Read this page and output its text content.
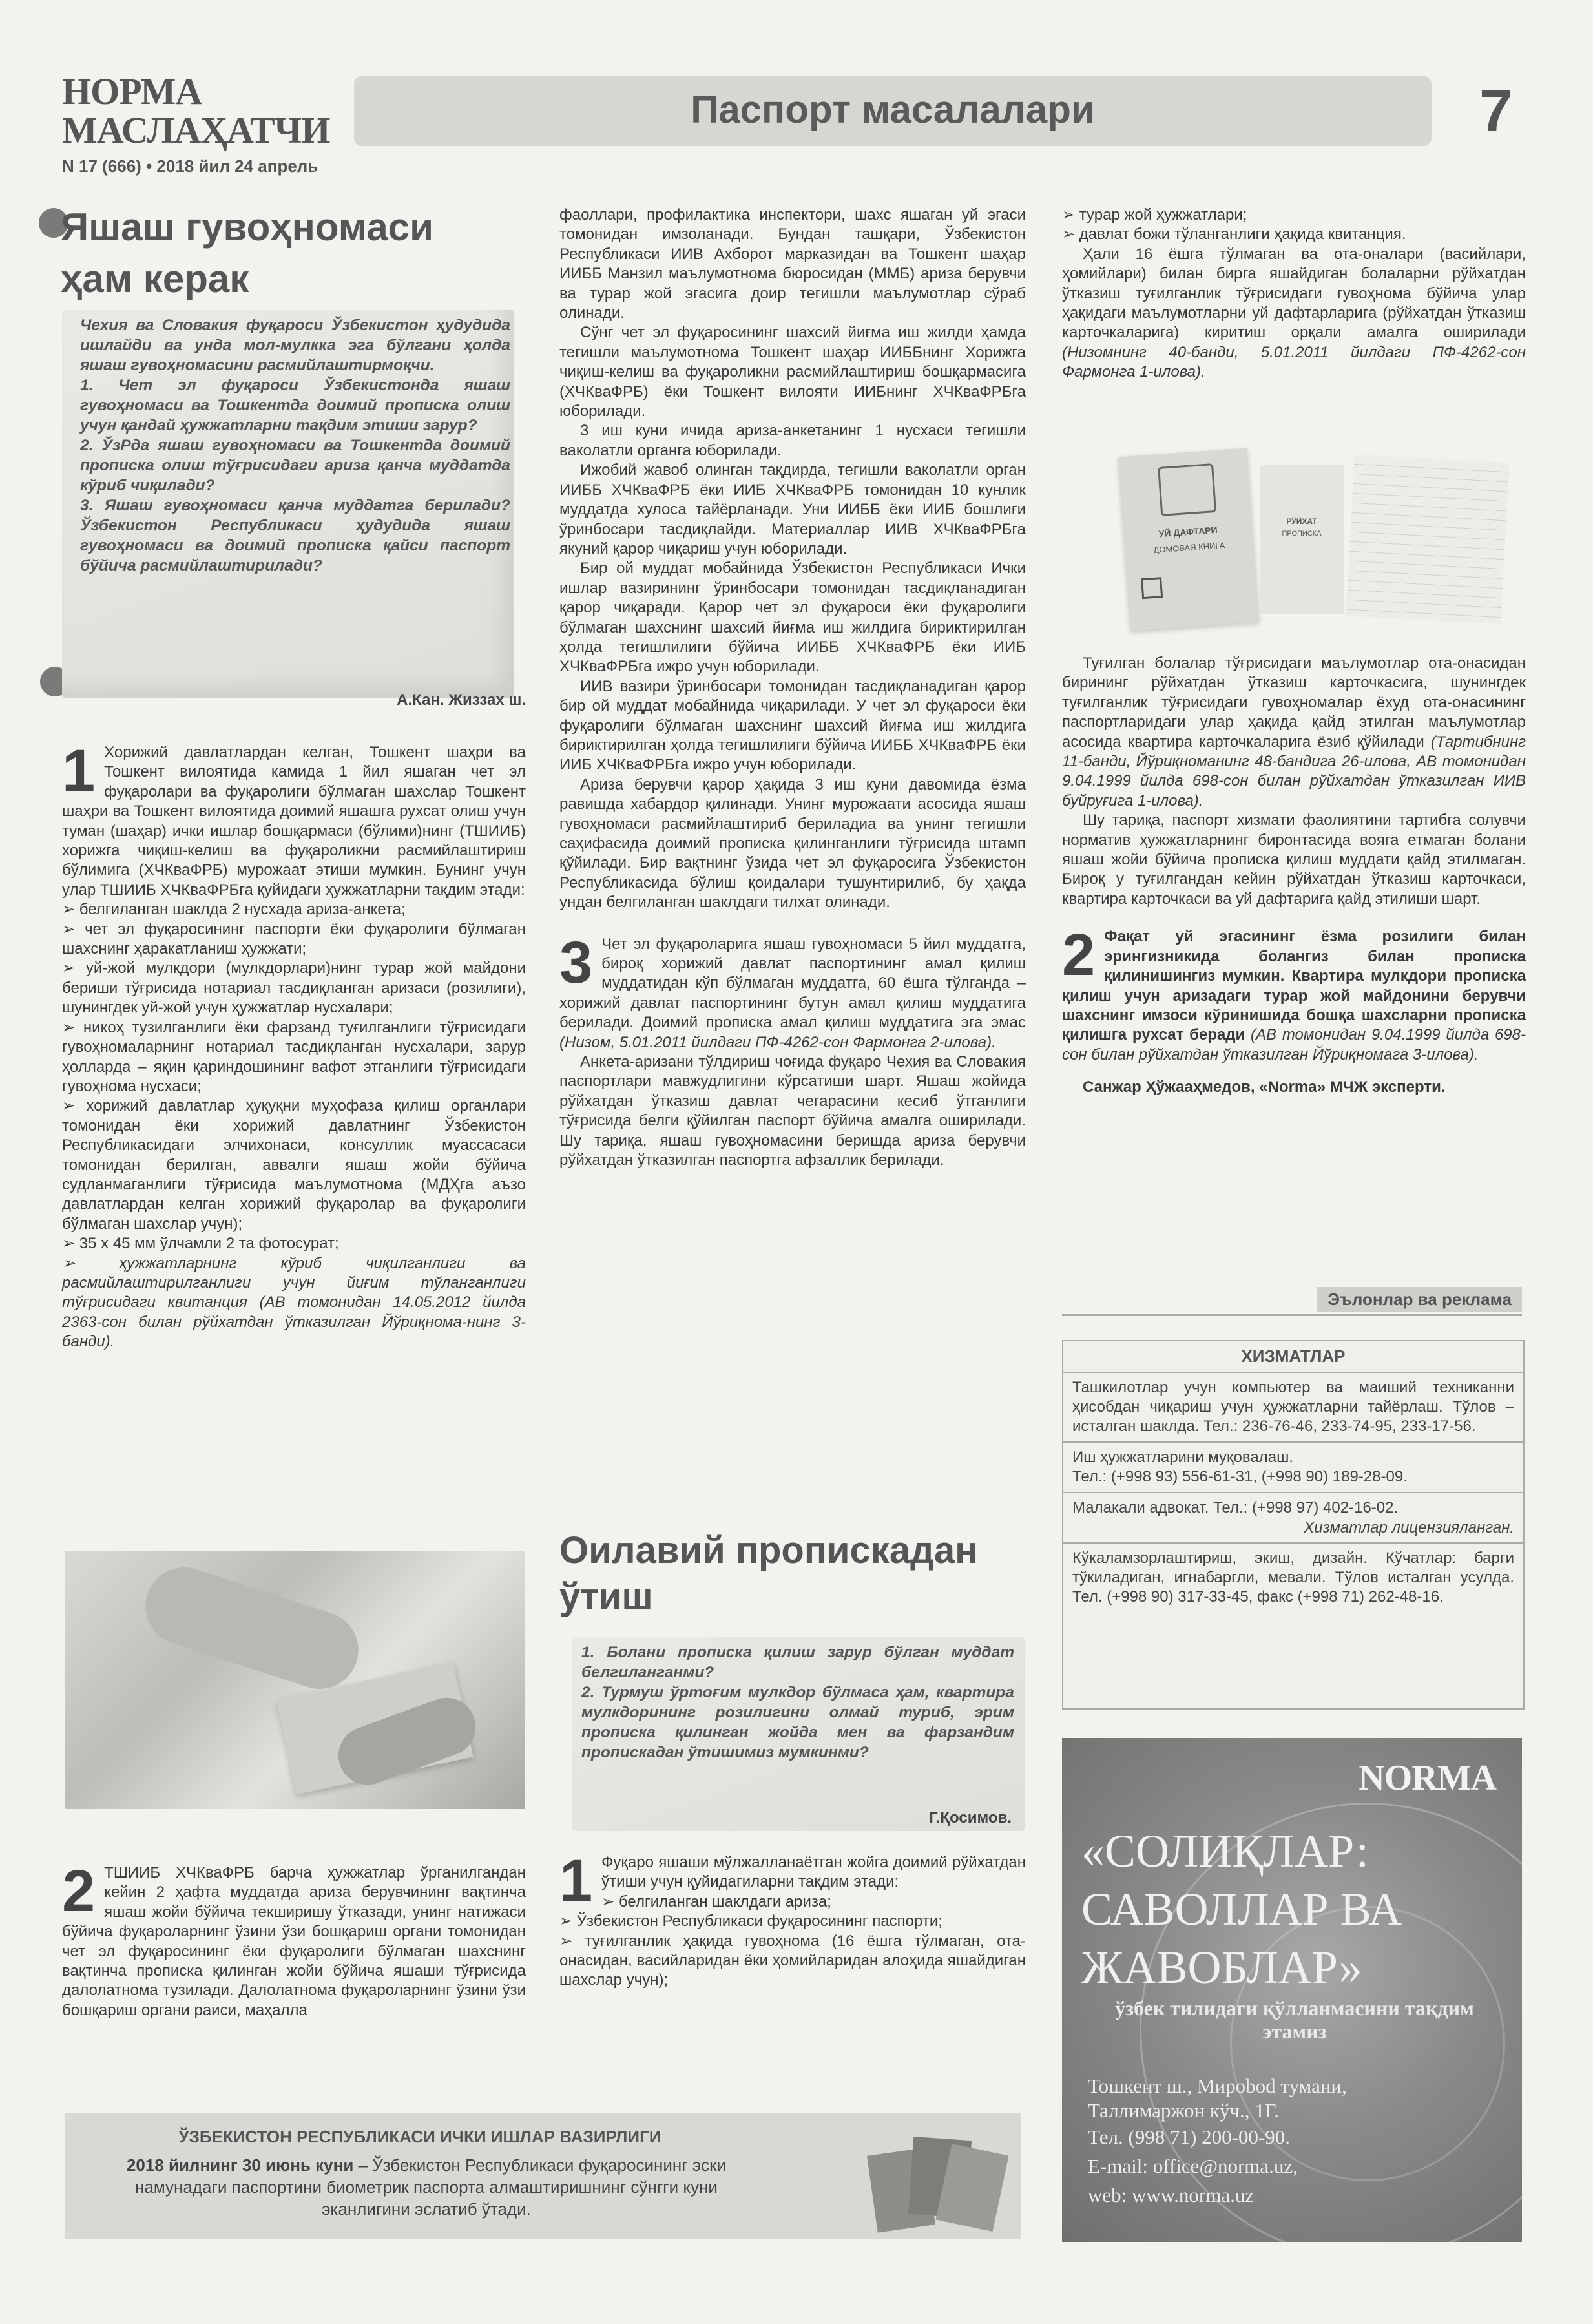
НОРМА МАСЛАҲАТЧИ
N 17 (666) • 2018 йил 24 апрель
Паспорт масалалари	7
Яшаш гувоҳномаси ҳам керак
Чехия ва Словакия фуқароси Ўзбекистон ҳудудида ишлайди ва унда мол-мулкка эга бўлгани ҳолда яшаш гувоҳномасини расмийлаштирмоқчи.
1. Чет эл фуқароси Ўзбекистонда яшаш гувоҳномаси ва Тошкентда доимий прописка олиш учун қандай ҳужжатларни тақдим этиши зарур?
2. ЎзРда яшаш гувоҳномаси ва Тошкентда доимий прописка олиш тўғрисидаги ариза қанча муддатда кўриб чиқилади?
3. Яшаш гувоҳномаси қанча муддатга берилади? Ўзбекистон Республикаси ҳудудида яшаш гувоҳномаси ва доимий прописка қайси паспорт бўйича расмийлаштирилади?
А.Кан. Жиззах ш.

1 Хорижий давлатлардан келган, Тошкент шаҳри ва Тошкент вилоятида камида 1 йил яшаган чет эл фуқаролари ва фуқаролиги бўлмаган шахслар Тошкент шаҳри ва Тошкент вилоятида доимий яшашга рухсат олиш учун туман (шаҳар) ички ишлар бошқармаси (бўлими)нинг (ТШИИБ) хорижга чиқиш-келиш ва фуқароликни расмийлаштириш бўлимига (ХЧКваФРБ) мурожаат этиши мумкин. Бунинг учун улар ТШИИБ ХЧКваФРБга қуйидаги ҳужжатларни тақдим этади:

➢ белгиланган шаклда 2 нусхада ариза-анкета;
➢ чет эл фуқаросининг паспорти ёки фуқаролиги бўлмаган шахснинг ҳаракатланиш ҳужжати;
➢ уй-жой мулкдори (мулкдорлари)нинг турар жой майдони бериши тўғрисида нотариал тасдиқланган аризаси (розилиги), шунингдек уй-жой учун ҳужжатлар нусхалари;
➢ никоҳ тузилганлиги ёки фарзанд туғилганлиги тўғрисидаги гувоҳномаларнинг нотариал тасдиқланган нусхалари, зарур ҳолларда – яқин қариндошининг вафот этганлиги тўғрисидаги гувоҳнома нусхаси;
➢ хорижий давлатлар ҳуқуқни муҳофаза қилиш органлари томонидан ёки хорижий давлатнинг Ўзбекистон Республикасидаги элчихонаси, консуллик муассасаси томонидан берилган, аввалги яшаш жойи бўйича судланмаганлиги тўғрисида маълумотнома (МДҲга аъзо давлатлардан келган хорижий фуқаролар ва фуқаролиги бўлмаган шахслар учун);
➢ 35 х 45 мм ўлчамли 2 та фотосурат;
➢ ҳужжатларнинг кўриб чиқилганлиги ва расмийлаштирилганлиги учун йиғим тўланганлиги тўғрисидаги квитанция (АВ томонидан 14.05.2012 йилда 2363-сон билан рўйхатдан ўтказилган Йўриқнома-нинг 3-банди).

2 ТШИИБ ХЧКваФРБ барча ҳужжатлар ўрганилгандан кейин 2 ҳафта муддатда ариза берувчининг вақтинча яшаш жойи бўйича текширишу ўтказади, унинг натижаси бўйича фуқароларнинг ўзини ўзи бошқариш органи томонидан чет эл фуқаросининг ёки фуқаролиги бўлмаган шахснинг вақтинча прописка қилинган жойи бўйича яшаши тўғрисида далолатнома тузилади. Далолатнома фуқароларнинг ўзини ўзи бошқариш органи раиси, маҳалла

фаоллари, профилактика инспектори, шахс яшаган уй эгаси томонидан имзоланади. Бундан ташқари, Ўзбекистон Республикаси ИИВ Ахборот марказидан ва Тошкент шаҳар ИИББ Манзил маълумотнома бюросидан (ММБ) ариза берувчи ва турар жой эгасига доир тегишли маълумотлар сўраб олинади.

Сўнг чет эл фуқаросининг шахсий йиғма иш жилди ҳамда тегишли маълумотнома Тошкент шаҳар ИИББнинг Хорижга чиқиш-келиш ва фуқароликни расмийлаштириш бошқармасига (ХЧКваФРБ) ёки Тошкент вилояти ИИБнинг ХЧКваФРБга юборилади.

3 иш куни ичида ариза-анкетанинг 1 нусхаси тегишли ваколатли органга юборилади.

Ижобий жавоб олинган тақдирда, тегишли ваколатли орган ИИББ ХЧКваФРБ ёки ИИБ ХЧКваФРБ томонидан 10 кунлик муддатда хулоса тайёрланади. Уни ИИББ ёки ИИБ бошлиғи ўринбосари тасдиқлайди. Материаллар ИИВ ХЧКваФРБга якуний қарор чиқариш учун юборилади.

Бир ой муддат мобайнида Ўзбекистон Республикаси Ички ишлар вазирининг ўринбосари томонидан тасдиқланадиган қарор чиқаради. Қарор чет эл фуқароси ёки фуқаролиги бўлмаган шахснинг шахсий йиғма иш жилдига бириктирилган ҳолда тегишлилиги бўйича ИИББ ХЧКваФРБ ёки ИИБ ХЧКваФРБга ижро учун юборилади.

ИИВ вазири ўринбосари томонидан тасдиқланадиган қарор бир ой муддат мобайнида чиқарилади. У чет эл фуқароси ёки фуқаролиги бўлмаган шахснинг шахсий йиғма иш жилдига бириктирилган ҳолда тегишлилиги бўйича ИИББ ХЧКваФРБ ёки ИИБ ХЧКваФРБга ижро учун юборилади.

Ариза берувчи қарор ҳақида 3 иш куни давомида ёзма равишда хабардор қилинади. Унинг мурожаати асосида яшаш гувоҳномаси расмийлаштириб бериладиа ва унинг тегишли саҳифасида доимий прописка қилинганлиги тўғрисида штамп қўйилади. Бир вақтнинг ўзида чет эл фуқаросига Ўзбекистон Республикасида бўлиш қоидалари тушунтирилиб, бу ҳақда ундан белгиланган шаклдаги тилхат олинади.

3 Чет эл фуқароларига яшаш гувоҳномаси 5 йил муддатга, бироқ хорижий давлат паспортининг амал қилиш муддатидан кўп бўлмаган муддатга, 60 ёшга тўлганда – хорижий давлат паспортининг бутун амал қилиш муддатига берилади. Доимий прописка амал қилиш муддатига эга эмас (Низом, 5.01.2011 йилдаги ПФ-4262-сон Фармонга 2-илова).

Анкета-аризани тўлдириш чоғида фуқаро Чехия ва Словакия паспортлари мавжудлигини кўрсатиши шарт. Яшаш жойида рўйхатдан ўтказиш давлат чегарасини кесиб ўтганлиги тўғрисида белги қўйилган паспорт бўйича амалга оширилади. Шу тариқа, яшаш гувоҳномасини беришда ариза берувчи рўйхатдан ўтказилган паспортга афзаллик берилади.

Оилавий пропискадан ўтиш
1. Болани прописка қилиш зарур бўлган муддат белгиланганми?
2. Турмуш ўртоғим мулкдор бўлмаса ҳам, квартира мулкдорининг розилигини олмай туриб, эрим прописка қилинган жойда мен ва фарзандим пропискадан ўтишимиз мумкинми?
Г.Қосимов.

1 Фуқаро яшаши мўлжалланаётган жойга доимий рўйхатдан ўтиши учун қуйидагиларни тақдим этади:

➢ белгиланган шаклдаги ариза;
➢ Ўзбекистон Республикаси фуқаросининг паспорти;
➢ туғилганлик ҳақида гувоҳнома (16 ёшга тўлмаган, ота-онасидан, васийларидан ёки ҳомийларидан алоҳида яшайдиган шахслар учун);
➢ турар жой ҳужжатлари;
➢ давлат божи тўланганлиги ҳақида квитанция.

Ҳали 16 ёшга тўлмаган ва ота-оналари (васийлари, ҳомийлари) билан бирга яшайдиган болаларни рўйхатдан ўтказиш туғилганлик тўғрисидаги гувоҳнома бўйича улар ҳақидаги маълумотларни уй дафтарларига (рўйхатдан ўтказиш карточкаларига) киритиш орқали амалга оширилади (Низомнинг 40-банди, 5.01.2011 йилдаги ПФ-4262-сон Фармонга 1-илова).

УЙ ДАФТАРИ
ДОМОВАЯ КНИГА
РЎЙХАТ
ПРОПИСКА

Туғилган болалар тўғрисидаги маълумотлар ота-онасидан бирининг рўйхатдан ўтказиш карточкасига, шунингдек туғилганлик тўғрисидаги гувоҳномалар ёхуд ота-онасининг паспортларидаги улар ҳақида қайд этилган маълумотлар асосида квартира карточкаларига ёзиб қўйилади (Тартибнинг 11-банди, Йўриқноманинг 48-бандига 26-илова, АВ томонидан 9.04.1999 йилда 698-сон билан рўйхатдан ўтказилган ИИВ буйруғига 1-илова).

Шу тариқа, паспорт хизмати фаолиятини тартибга солувчи норматив ҳужжатларнинг биронтасида вояга етмаган болани яшаш жойи бўйича прописка қилиш муддати қайд этилмаган. Бироқ у туғилгандан кейин рўйхатдан ўтказиш карточкаси, квартира карточкаси ва уй дафтарига қайд этилиши шарт.

2 Фақат уй эгасининг ёзма розилиги билан эрингизникида болангиз билан прописка қилинишингиз мумкин. Квартира мулкдори прописка қилиш учун аризадаги турар жой майдонини берувчи шахснинг имзоси кўринишида бошқа шахсларни прописка қилишга рухсат беради (АВ томонидан 9.04.1999 йилда 698-сон билан рўйхатдан ўтказилган Йўриқномага 3-илова).

Санжар Ҳўжааҳмедов, «Norma» МЧЖ эксперти.

Эълонлар ва реклама
ХИЗМАТЛАР
Ташкилотлар учун компьютер ва маиший техниканни ҳисобдан чиқариш учун ҳужжатларни тайёрлаш. Тўлов – исталган шаклда. Тел.: 236-76-46, 233-74-95, 233-17-56.
Иш ҳужжатларини муқовалаш.
Тел.: (+998 93) 556-61-31, (+998 90) 189-28-09.
Малакали адвокат. Тел.: (+998 97) 402-16-02.
Хизматлар лицензияланган.
Кўкаламзорлаштириш, экиш, дизайн. Кўчатлар: барги тўкиладиган, игнабаргли, мевали. Тўлов исталган усулда. Тел. (+998 90) 317-33-45, факс (+998 71) 262-48-16.
NORMA
«СОЛИҚЛАР: САВОЛЛАР ВА ЖАВОБЛАР»
ўзбек тилидаги қўлланмасини тақдим этамиз
Тошкент ш., Мирobod тумани, Таллимаржон кўч., 1Г.
Тел. (998 71) 200-00-90.
E-mail: office@norma.uz,
web: www.norma.uz
ЎЗБЕКИСТОН РЕСПУБЛИКАСИ ИЧКИ ИШЛАР ВАЗИРЛИГИ
2018 йилнинг 30 июнь куни – Ўзбекистон Республикаси фуқаросининг эски намунадаги паспортини биометрик паспорта алмаштиришнинг сўнгги куни эканлигини эслатиб ўтади.
